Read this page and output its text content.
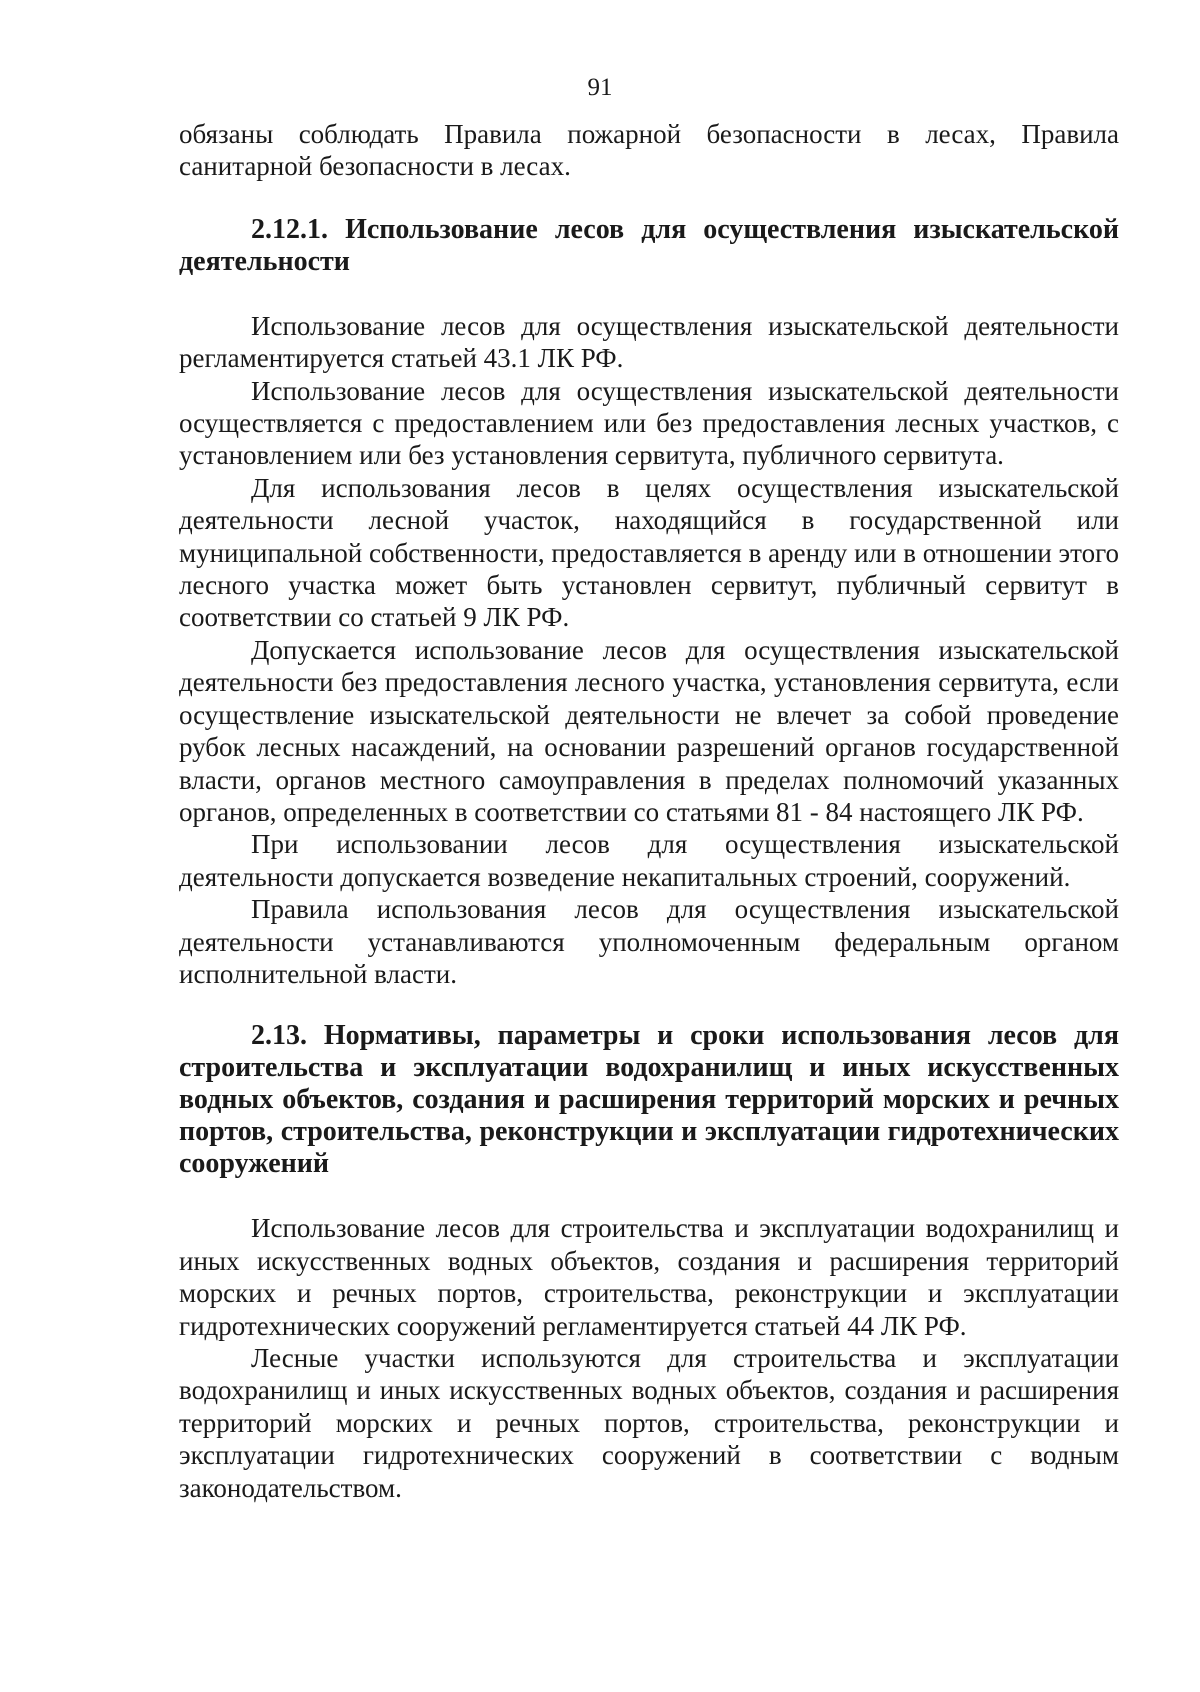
91

обязаны соблюдать Правила пожарной безопасности в лесах, Правила санитарной безопасности в лесах.

2.12.1. Использование лесов для осуществления изыскательской деятельности

Использование лесов для осуществления изыскательской деятельности регламентируется статьей 43.1 ЛК РФ.

Использование лесов для осуществления изыскательской деятельности осуществляется с предоставлением или без предоставления лесных участков, с установлением или без установления сервитута, публичного сервитута.

Для использования лесов в целях осуществления изыскательской деятельности лесной участок, находящийся в государственной или муниципальной собственности, предоставляется в аренду или в отношении этого лесного участка может быть установлен сервитут, публичный сервитут в соответствии со статьей 9 ЛК РФ.

Допускается использование лесов для осуществления изыскательской деятельности без предоставления лесного участка, установления сервитута, если осуществление изыскательской деятельности не влечет за собой проведение рубок лесных насаждений, на основании разрешений органов государственной власти, органов местного самоуправления в пределах полномочий указанных органов, определенных в соответствии со статьями 81 - 84 настоящего ЛК РФ.

При использовании лесов для осуществления изыскательской деятельности допускается возведение некапитальных строений, сооружений.

Правила использования лесов для осуществления изыскательской деятельности устанавливаются уполномоченным федеральным органом исполнительной власти.

2.13. Нормативы, параметры и сроки использования лесов для строительства и эксплуатации водохранилищ и иных искусственных водных объектов, создания и расширения территорий морских и речных портов, строительства, реконструкции и эксплуатации гидротехнических сооружений

Использование лесов для строительства и эксплуатации водохранилищ и иных искусственных водных объектов, создания и расширения территорий морских и речных портов, строительства, реконструкции и эксплуатации гидротехнических сооружений регламентируется статьей 44 ЛК РФ.

Лесные участки используются для строительства и эксплуатации водохранилищ и иных искусственных водных объектов, создания и расширения территорий морских и речных портов, строительства, реконструкции и эксплуатации гидротехнических сооружений в соответствии с водным законодательством.
